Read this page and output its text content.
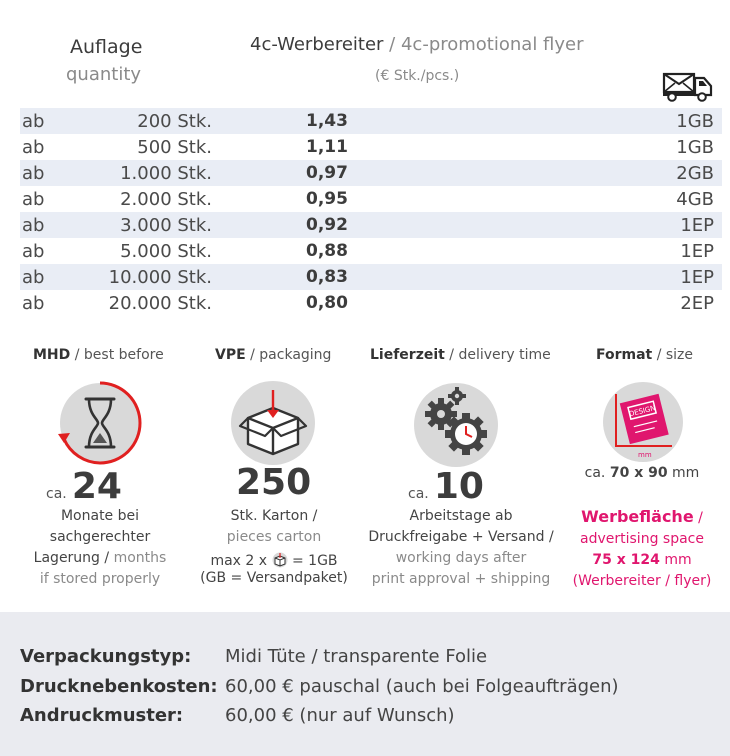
Auflage
quantity
4c-Werbereiter / 4c-promotional flyer
(€ Stk./pcs.)
ab	200 Stk.	1,43	1GB
ab	500 Stk.	1,11	1GB
ab	1.000 Stk.	0,97	2GB
ab	2.000 Stk.	0,95	4GB
ab	3.000 Stk.	0,92	1EP
ab	5.000 Stk.	0,88	1EP
ab	10.000 Stk.	0,83	1EP
ab	20.000 Stk.	0,80	2EP
MHD / best before	VPE / packaging	Lieferzeit / delivery time	Format / size
DESIGN
mm
ca. 24
Monate bei
sachgerechter
Lagerung / months
if stored properly
250
Stk. Karton /
pieces carton
max 2 x = 1GB
(GB = Versandpaket)
ca. 10
Arbeitstage ab
Druckfreigabe + Versand /
working days after
print approval + shipping
ca. 70 x 90 mm
Werbefläche /
advertising space
75 x 124 mm
(Werbereiter / flyer)
Verpackungstyp: Midi Tüte / transparente Folie
Drucknebenkosten: 60,00 € pauschal (auch bei Folgeaufträgen)
Andruckmuster: 60,00 € (nur auf Wunsch)
